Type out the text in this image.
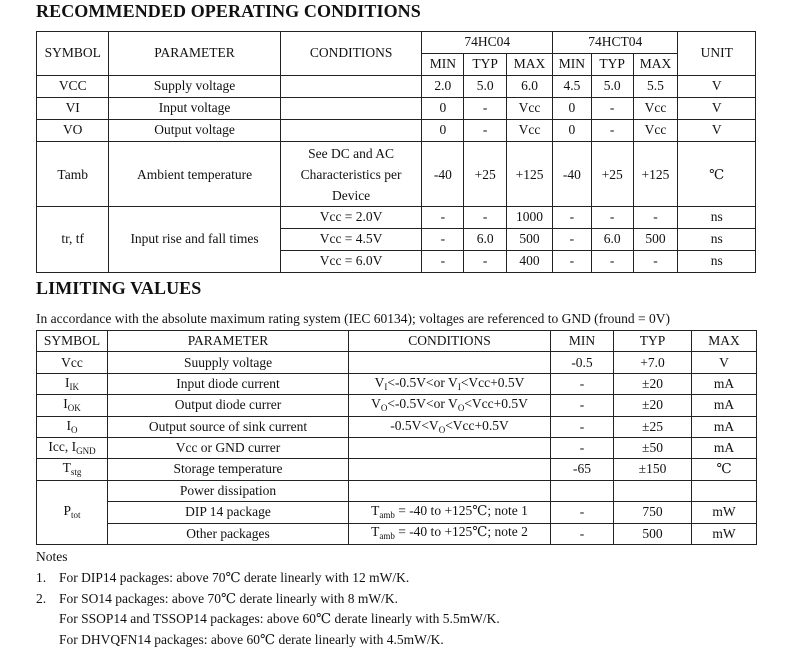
RECOMMENDED OPERATING CONDITIONS
SYMBOL	PARAMETER	CONDITIONS	74HC04			74HCT04			UNIT
			MIN	TYP	MAX	MIN	TYP	MAX	
VCC	Supply voltage		2.0	5.0	6.0	4.5	5.0	5.5	V
VI	Input voltage		0	-	Vcc	0	-	Vcc	V
VO	Output voltage		0	-	Vcc	0	-	Vcc	V
Tamb	Ambient temperature	See DC and AC Characteristics per Device	-40	+25	+125	-40	+25	+125	℃
tr, tf	Input rise and fall times	Vcc = 2.0V	-	-	1000	-	-	-	ns
		Vcc = 4.5V	-	6.0	500	-	6.0	500	ns
		Vcc = 6.0V	-	-	400	-	-	-	ns
LIMITING VALUES
In accordance with the absolute maximum rating system (IEC 60134); voltages are referenced to GND (fround = 0V)
SYMBOL	PARAMETER	CONDITIONS	MIN	TYP	MAX
Vcc	Suupply voltage		-0.5	+7.0	V
$I_{IK}$	Input diode current	$V_I<-0.5V<or$ $V_I<Vcc+0.5V$	-	±20	mA
$I_{OK}$	Output diode currer	$V_O<-0.5V<or$ $V_O<Vcc+0.5V$	-	±20	mA
$I_O$	Output source of sink current	$-0.5V<V_O<Vcc+0.5V$	-	±25	mA
Icc, $I_{GND}$	Vcc or GND currer		-	±50	mA
$T_{stg}$	Storage temperature		-65	±150	℃
$P_{tot}$	Power dissipation				
	DIP 14 package	$T_{amb} = -40$ to +125℃; note 1	-	750	mW
	Other packages	$T_{amb} = -40$ to +125℃; note 2	-	500	mW
Notes
1. For DIP14 packages: above 70℃ derate linearly with 12 mW/K.
2. For SO14 packages: above 70℃ derate linearly with 8 mW/K.
For SSOP14 and TSSOP14 packages: above 60℃ derate linearly with 5.5mW/K.
For DHVQFN14 packages: above 60℃ derate linearly with 4.5mW/K.
